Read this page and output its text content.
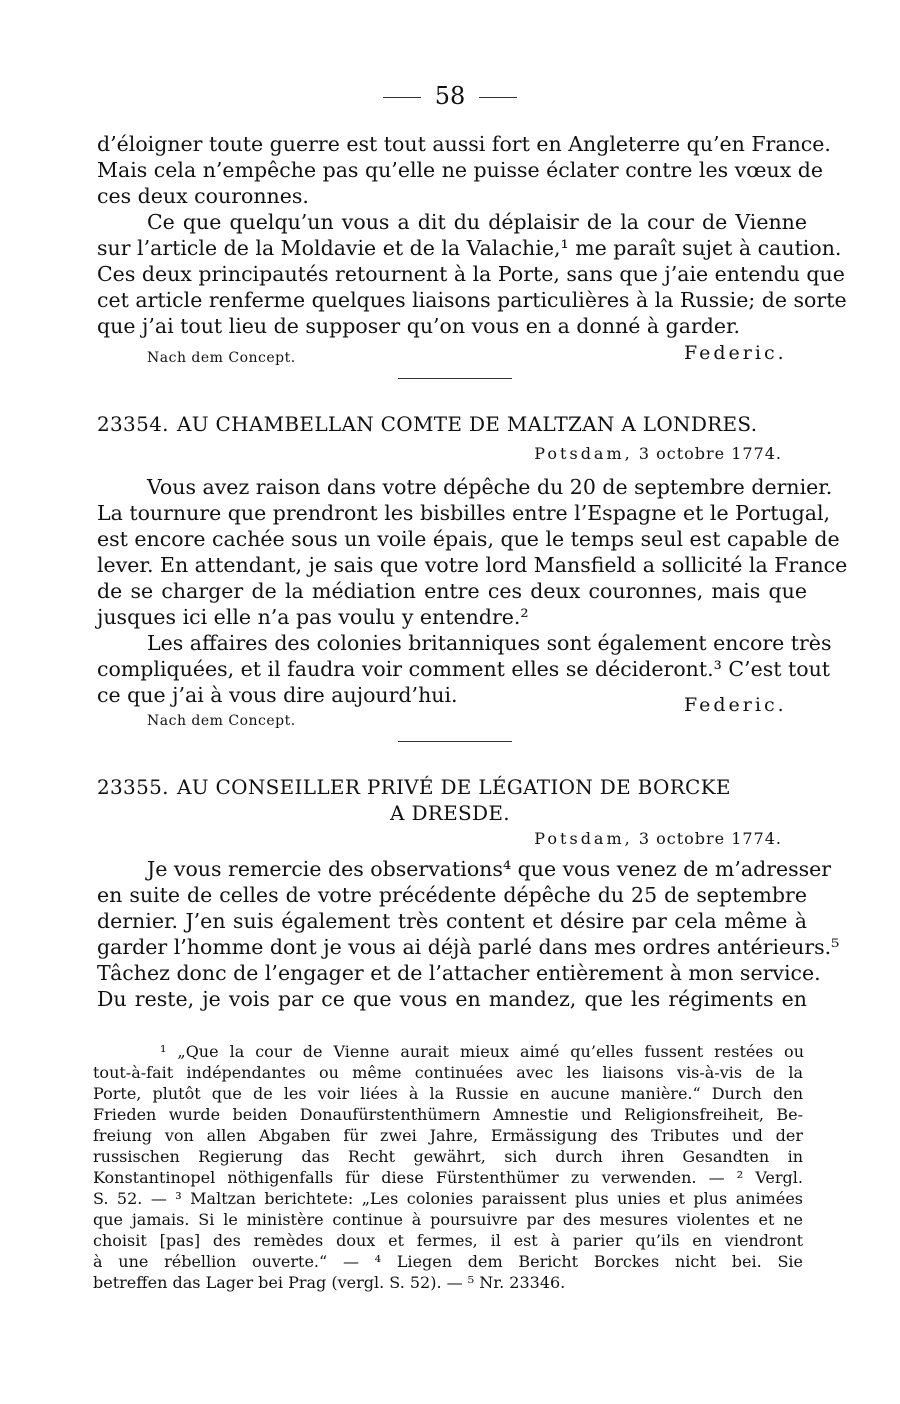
58
d’éloigner toute guerre est tout aussi fort en Angleterre qu’en France.
Mais cela n’empêche pas qu’elle ne puisse éclater contre les vœux de
ces deux couronnes.
Ce que quelqu’un vous a dit du déplaisir de la cour de Vienne
sur l’article de la Moldavie et de la Valachie,¹ me paraît sujet à caution.
Ces deux principautés retournent à la Porte, sans que j’aie entendu que
cet article renferme quelques liaisons particulières à la Russie; de sorte
que j’ai tout lieu de supposer qu’on vous en a donné à garder.
Nach dem Concept.	Federic.
23354. AU CHAMBELLAN COMTE DE MALTZAN A LONDRES.
Potsdam, 3 octobre 1774.
Vous avez raison dans votre dépêche du 20 de septembre dernier.
La tournure que prendront les bisbilles entre l’Espagne et le Portugal,
est encore cachée sous un voile épais, que le temps seul est capable de
lever. En attendant, je sais que votre lord Mansfield a sollicité la France
de se charger de la médiation entre ces deux couronnes, mais que
jusques ici elle n’a pas voulu y entendre.²
Les affaires des colonies britanniques sont également encore très
compliquées, et il faudra voir comment elles se décideront.³ C’est tout
ce que j’ai à vous dire aujourd’hui.
Nach dem Concept.
Federic.
23355. AU CONSEILLER PRIVÉ DE LÉGATION DE BORCKE
A DRESDE.
Potsdam, 3 octobre 1774.
Je vous remercie des observations⁴ que vous venez de m’adresser
en suite de celles de votre précédente dépêche du 25 de septembre
dernier. J’en suis également très content et désire par cela même à
garder l’homme dont je vous ai déjà parlé dans mes ordres antérieurs.⁵
Tâchez donc de l’engager et de l’attacher entièrement à mon service.
Du reste, je vois par ce que vous en mandez, que les régiments en
¹ „Que la cour de Vienne aurait mieux aimé qu’elles fussent restées ou
tout-à-fait indépendantes ou même continuées avec les liaisons vis-à-vis de la
Porte, plutôt que de les voir liées à la Russie en aucune manière.“ Durch den
Frieden wurde beiden Donaufürstenthümern Amnestie und Religionsfreiheit, Be-
freiung von allen Abgaben für zwei Jahre, Ermässigung des Tributes und der
russischen Regierung das Recht gewährt, sich durch ihren Gesandten in
Konstantinopel nöthigenfalls für diese Fürstenthümer zu verwenden. — ² Vergl.
S. 52. — ³ Maltzan berichtete: „Les colonies paraissent plus unies et plus animées
que jamais. Si le ministère continue à poursuivre par des mesures violentes et ne
choisit [pas] des remèdes doux et fermes, il est à parier qu’ils en viendront
à une rébellion ouverte.“ — ⁴ Liegen dem Bericht Borckes nicht bei. Sie
betreffen das Lager bei Prag (vergl. S. 52). — ⁵ Nr. 23346.
